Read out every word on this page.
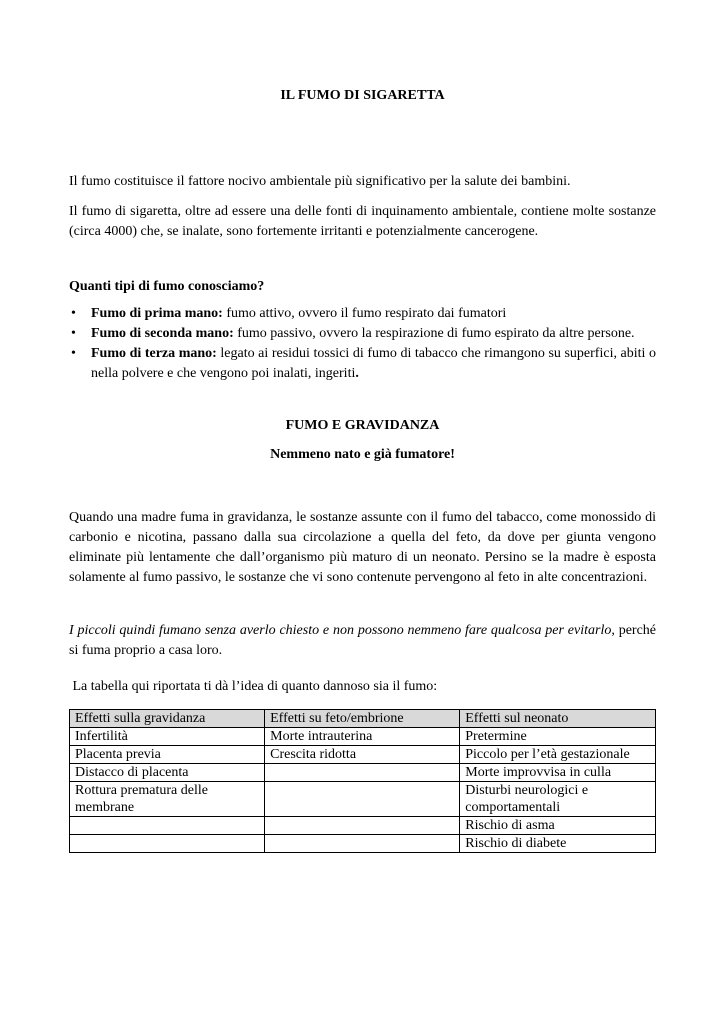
IL FUMO DI SIGARETTA

Il fumo costituisce il fattore nocivo ambientale più significativo per la salute dei bambini.

Il fumo di sigaretta, oltre ad essere una delle fonti di inquinamento ambientale, contiene molte sostanze (circa 4000) che, se inalate, sono fortemente irritanti e potenzialmente cancerogene.

Quanti tipi di fumo conosciamo?
• Fumo di prima mano: fumo attivo, ovvero il fumo respirato dai fumatori
• Fumo di seconda mano: fumo passivo, ovvero la respirazione di fumo espirato da altre persone.
• Fumo di terza mano: legato ai residui tossici di fumo di tabacco che rimangono su superfici, abiti o nella polvere e che vengono poi inalati, ingeriti.
FUMO E GRAVIDANZA
Nemmeno nato e già fumatore!

Quando una madre fuma in gravidanza, le sostanze assunte con il fumo del tabacco, come monossido di carbonio e nicotina, passano dalla sua circolazione a quella del feto, da dove per giunta vengono eliminate più lentamente che dall’organismo più maturo di un neonato. Persino se la madre è esposta solamente al fumo passivo, le sostanze che vi sono contenute pervengono al feto in alte concentrazioni.

I piccoli quindi fumano senza averlo chiesto e non possono nemmeno fare qualcosa per evitarlo, perché si fuma proprio a casa loro.

La tabella qui riportata ti dà l’idea di quanto dannoso sia il fumo:

Effetti sulla gravidanza	Effetti su feto/embrione	Effetti sul neonato
Infertilità	Morte intrauterina	Pretermine
Placenta previa	Crescita ridotta	Piccolo per l’età gestazionale
Distacco di placenta		Morte improvvisa in culla
Rottura prematura delle membrane		Disturbi neurologici e comportamentali
		Rischio di asma
		Rischio di diabete
